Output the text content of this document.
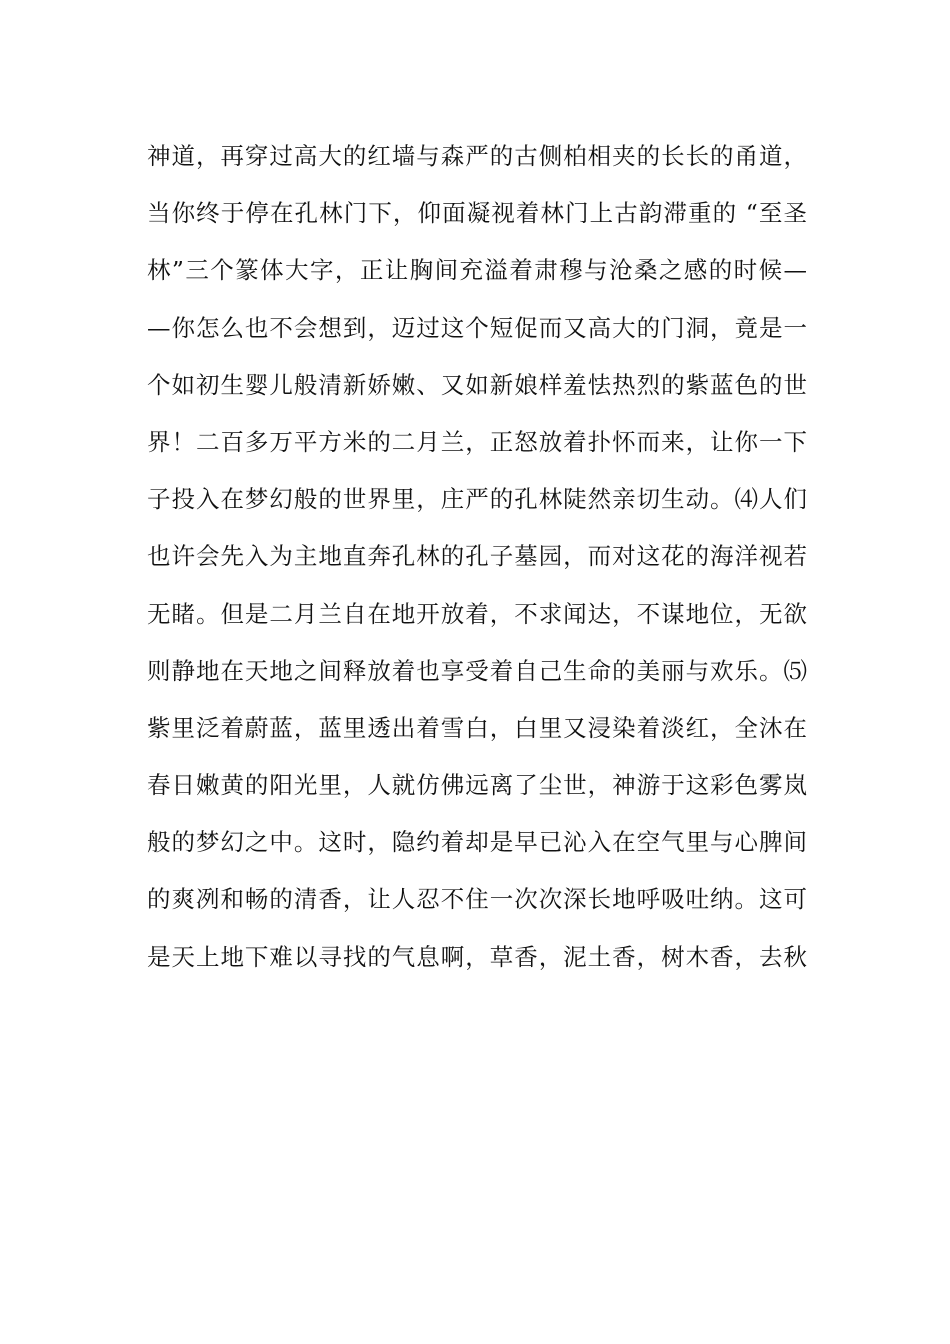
神道，再穿过高大的红墙与森严的古侧柏相夹的长长的甬道，
当你终于停在孔林门下，仰面凝视着林门上古韵滞重的 “至圣
林”三个篆体大字，正让胸间充溢着肃穆与沧桑之感的时候—
—你怎么也不会想到，迈过这个短促而又高大的门洞，竟是一
个如初生婴儿般清新娇嫩、又如新娘样羞怯热烈的紫蓝色的世
界！二百多万平方米的二月兰，正怒放着扑怀而来，让你一下
子投入在梦幻般的世界里，庄严的孔林陡然亲切生动。⑷人们
也许会先入为主地直奔孔林的孔子墓园，而对这花的海洋视若
无睹。但是二月兰自在地开放着，不求闻达，不谋地位，无欲
则静地在天地之间释放着也享受着自己生命的美丽与欢乐。⑸
紫里泛着蔚蓝，蓝里透出着雪白，白里又浸染着淡红，全沐在
春日嫩黄的阳光里，人就仿佛远离了尘世，神游于这彩色雾岚
般的梦幻之中。这时，隐约着却是早已沁入在空气里与心脾间
的爽冽和畅的清香，让人忍不住一次次深长地呼吸吐纳。这可
是天上地下难以寻找的气息啊，草香，泥土香，树木香，去秋
